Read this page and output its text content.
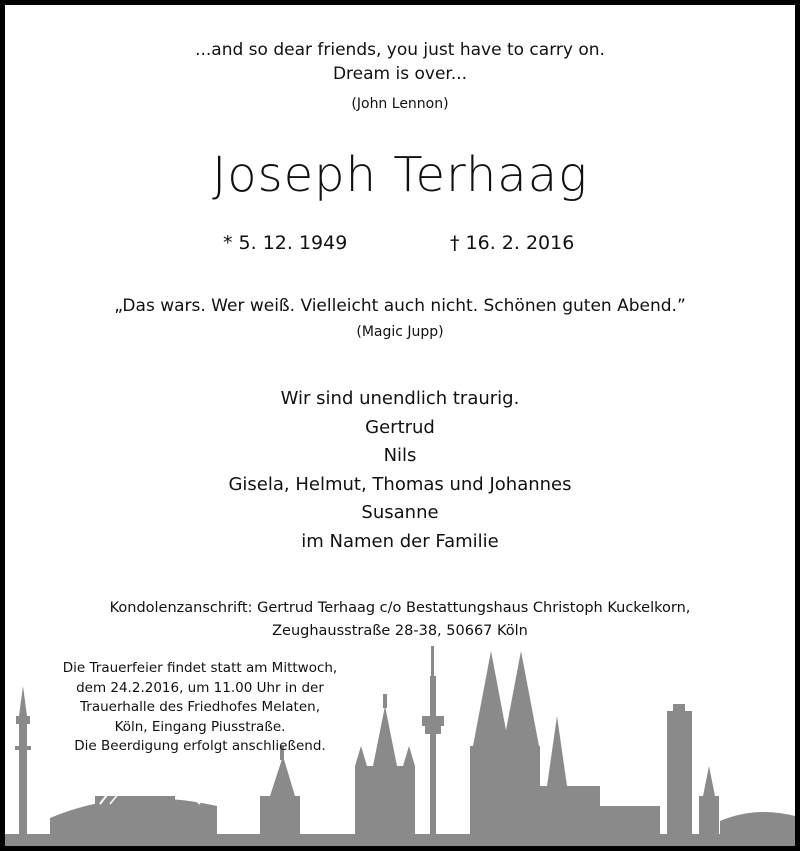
...and so dear friends, you just have to carry on.
Dream is over...
(John Lennon)
Joseph Terhaag
* 5. 12. 1949	† 16. 2. 2016
„Das wars. Wer weiß. Vielleicht auch nicht. Schönen guten Abend.”
(Magic Jupp)
Wir sind unendlich traurig.
Gertrud
Nils
Gisela, Helmut, Thomas und Johannes
Susanne
im Namen der Familie
Kondolenzanschrift: Gertrud Terhaag c/o Bestattungshaus Christoph Kuckelkorn,
Zeughausstraße 28-38, 50667 Köln
Die Trauerfeier findet statt am Mittwoch,
dem 24.2.2016, um 11.00 Uhr in der
Trauerhalle des Friedhofes Melaten,
Köln, Eingang Piusstraße.
Die Beerdigung erfolgt anschließend.
